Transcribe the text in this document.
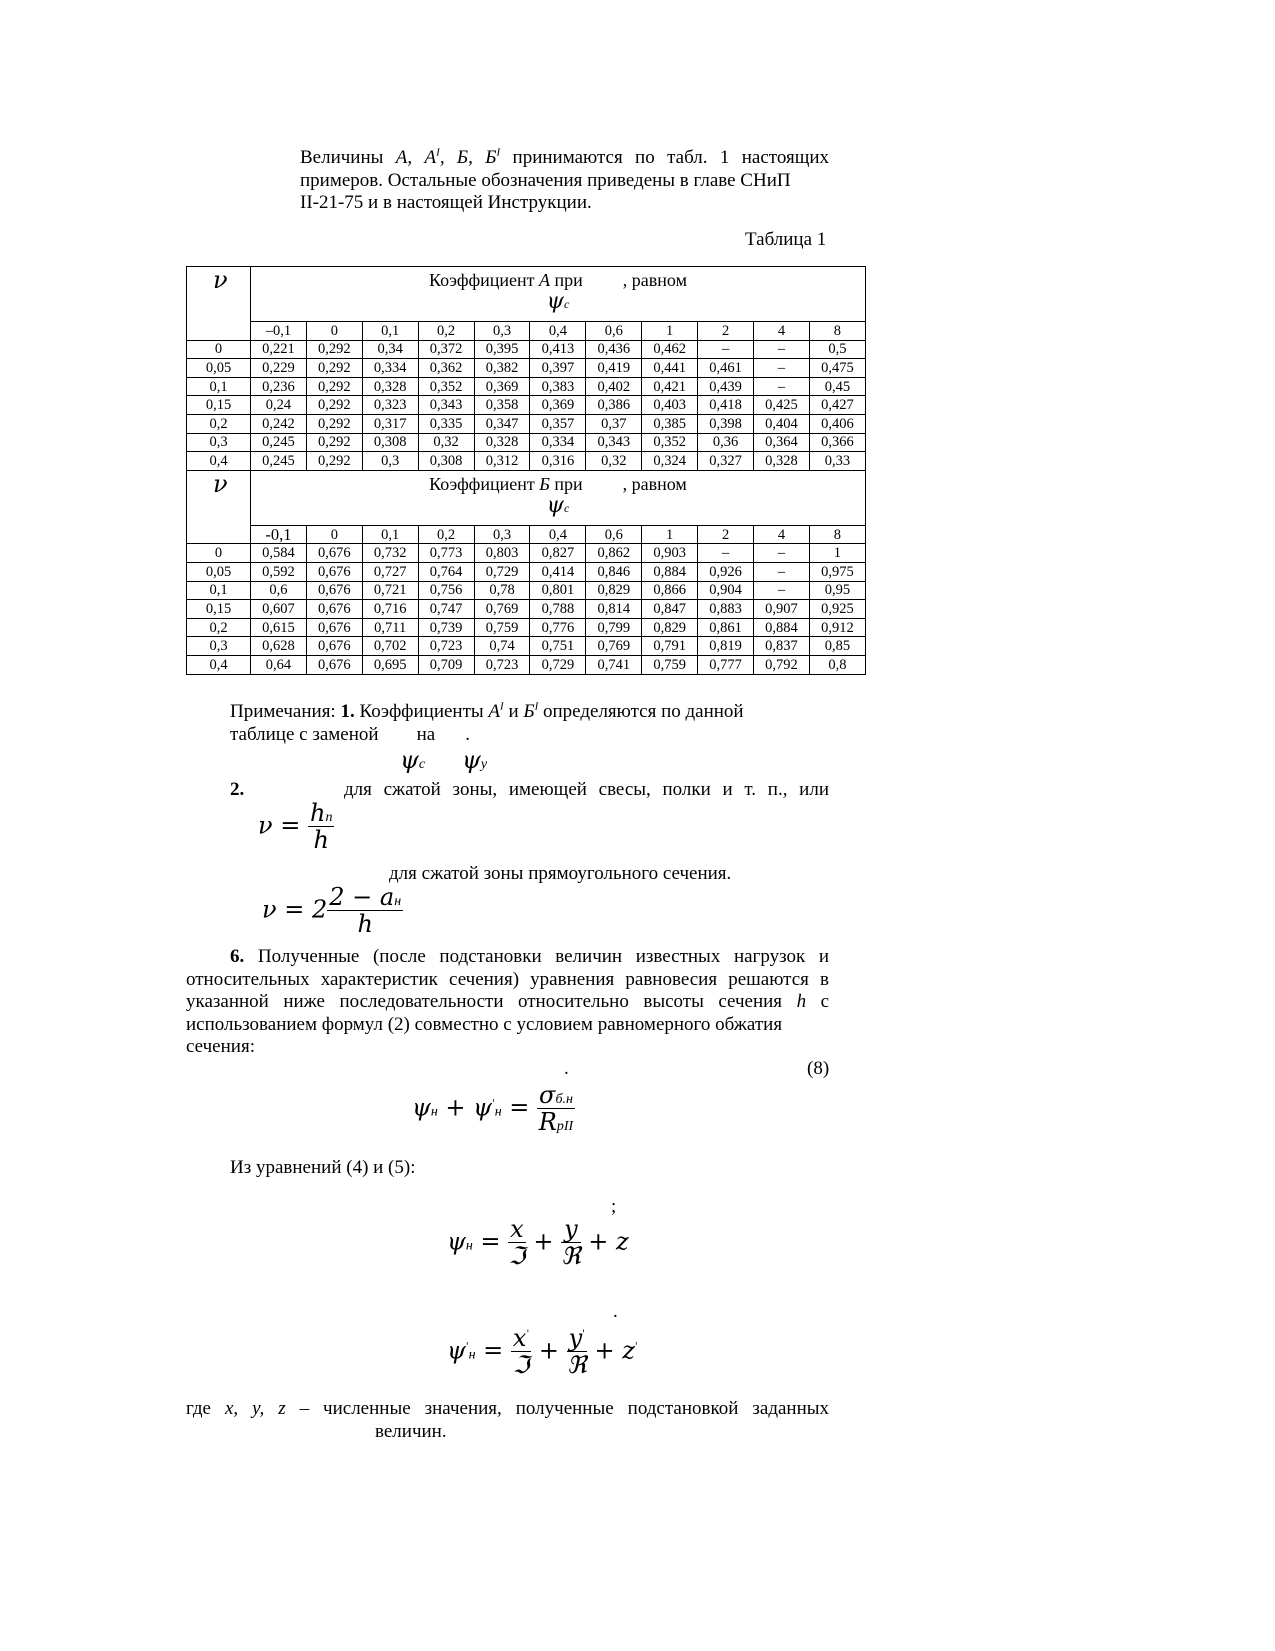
Величины А, $А^I$, Б, $Б^I$ принимаются по табл. 1 настоящих примеров. Остальные обозначения приведены в главе СНиП
II-21-75 и в настоящей Инструкции.
Таблица 1
ν	Коэффициент А при , равном
ψc										
	–0,1	0	0,1	0,2	0,3	0,4	0,6	1	2	4	8
0	0,221	0,292	0,34	0,372	0,395	0,413	0,436	0,462	–	–	0,5
0,05	0,229	0,292	0,334	0,362	0,382	0,397	0,419	0,441	0,461	–	0,475
0,1	0,236	0,292	0,328	0,352	0,369	0,383	0,402	0,421	0,439	–	0,45
0,15	0,24	0,292	0,323	0,343	0,358	0,369	0,386	0,403	0,418	0,425	0,427
0,2	0,242	0,292	0,317	0,335	0,347	0,357	0,37	0,385	0,398	0,404	0,406
0,3	0,245	0,292	0,308	0,32	0,328	0,334	0,343	0,352	0,36	0,364	0,366
0,4	0,245	0,292	0,3	0,308	0,312	0,316	0,32	0,324	0,327	0,328	0,33
ν	Коэффициент Б при , равном
ψc										
	-0,1	0	0,1	0,2	0,3	0,4	0,6	1	2	4	8
0	0,584	0,676	0,732	0,773	0,803	0,827	0,862	0,903	–	–	1
0,05	0,592	0,676	0,727	0,764	0,729	0,414	0,846	0,884	0,926	–	0,975
0,1	0,6	0,676	0,721	0,756	0,78	0,801	0,829	0,866	0,904	–	0,95
0,15	0,607	0,676	0,716	0,747	0,769	0,788	0,814	0,847	0,883	0,907	0,925
0,2	0,615	0,676	0,711	0,739	0,759	0,776	0,799	0,829	0,861	0,884	0,912
0,3	0,628	0,676	0,702	0,723	0,74	0,751	0,769	0,791	0,819	0,837	0,85
0,4	0,64	0,676	0,695	0,709	0,723	0,729	0,741	0,759	0,777	0,792	0,8
Примечания: 1. Коэффициенты $А^I$ и $Б^I$ определяются по данной
таблице с заменой на .
ψc ψy
2.	для сжатой зоны, имеющей свесы, полки и т. п., или
$\nu = \frac{hп}{h}$
для сжатой зоны прямоугольного сечения.
$\nu = 2 \frac{2 - aн}{h}$
6. Полученные (после подстановки величин известных нагрузок и относительных характеристик сечения) уравнения равновесия решаются в указанной ниже последовательности относительно высоты сечения h с использованием формул (2) совместно с условием равномерного обжатия
сечения:
.	(8)
$\psi н + \psi'н = \frac{\sigma б.н}{\text{RpII}}$
Из уравнений (4) и (5):
;
$\psi н = \frac{x}{\text{ℑ}} + \frac{y}{\text{ℜ}} + z$
.
$\psi'н = \frac{x'}{\text{ℑ}} + \frac{y'}{\text{ℜ}} + z'$
где x, y, z – численные значения, полученные подстановкой заданных
величин.
